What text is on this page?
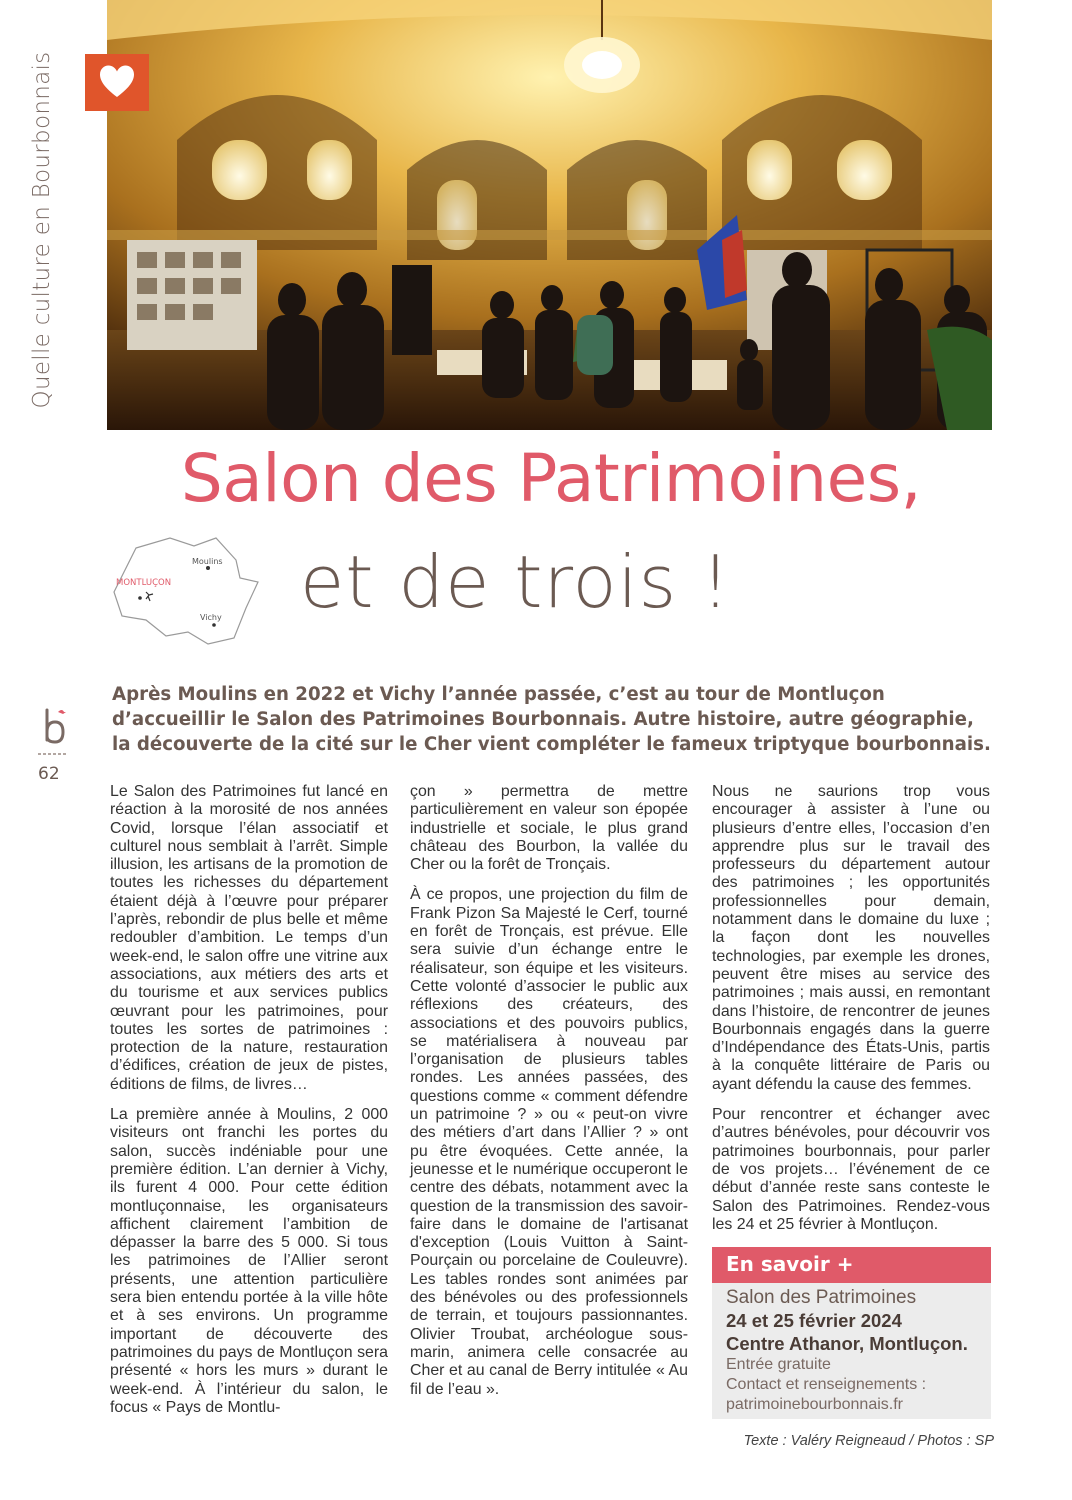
Quelle culture en Bourbonnais
Salon des Patrimoines,
et de trois !
Moulins
MONTLUÇON
Vichy
62

Après Moulins en 2022 et Vichy l’année passée, c’est au tour de Montluçon d’accueillir le Salon des Patrimoines Bourbonnais. Autre histoire, autre géographie, la découverte de la cité sur le Cher vient compléter le fameux triptyque bourbonnais.

Le Salon des Patrimoines fut lancé en réaction à la morosité de nos années Covid, lorsque l’élan associatif et culturel nous semblait à l’arrêt. Simple illusion, les artisans de la promotion de toutes les richesses du département étaient déjà à l’œuvre pour préparer l’après, rebondir de plus belle et même redoubler d’ambition. Le temps d’un week-end, le salon offre une vitrine aux associations, aux métiers des arts et du tourisme et aux services publics œuvrant pour les patrimoines, pour toutes les sortes de patrimoines : protection de la nature, restauration d’édifices, création de jeux de pistes, éditions de films, de livres…

La première année à Moulins, 2 000 visiteurs ont franchi les portes du salon, succès indéniable pour une première édition. L’an dernier à Vichy, ils furent 4 000. Pour cette édition montluçonnaise, les organisateurs affichent clairement l’ambition de dépasser la barre des 5 000. Si tous les patrimoines de l’Allier seront présents, une attention particulière sera bien entendu portée à la ville hôte et à ses environs. Un programme important de découverte des patrimoines du pays de Montluçon sera présenté « hors les murs » durant le week-end. À l’intérieur du salon, le focus « Pays de Montlu-

çon » permettra de mettre particulièrement en valeur son épopée industrielle et sociale, le plus grand château des Bourbon, la vallée du Cher ou la forêt de Tronçais.

À ce propos, une projection du film de Frank Pizon Sa Majesté le Cerf, tourné en forêt de Tronçais, est prévue. Elle sera suivie d’un échange entre le réalisateur, son équipe et les visiteurs. Cette volonté d’associer le public aux réflexions des créateurs, des associations et des pouvoirs publics, se matérialisera à nouveau par l’organisation de plusieurs tables rondes. Les années passées, des questions comme « comment défendre un patrimoine ? » ou « peut-on vivre des métiers d’art dans l’Allier ? » ont pu être évoquées. Cette année, la jeunesse et le numérique occuperont le centre des débats, notamment avec la question de la transmission des savoir-faire dans le domaine de l'artisanat d'exception (Louis Vuitton à Saint-Pourçain ou porcelaine de Couleuvre). Les tables rondes sont animées par des bénévoles ou des professionnels de terrain, et toujours passionnantes. Olivier Troubat, archéologue sous-marin, animera celle consacrée au Cher et au canal de Berry intitulée « Au fil de l’eau ».

Nous ne saurions trop vous encourager à assister à l’une ou plusieurs d’entre elles, l’occasion d’en apprendre plus sur le travail des professeurs du département autour des patrimoines ; les opportunités professionnelles pour demain, notamment dans le domaine du luxe ; la façon dont les nouvelles technologies, par exemple les drones, peuvent être mises au service des patrimoines ; mais aussi, en remontant dans l’histoire, de rencontrer de jeunes Bourbonnais engagés dans la guerre d’Indépendance des États-Unis, partis à la conquête littéraire de Paris ou ayant défendu la cause des femmes.

Pour rencontrer et échanger avec d’autres bénévoles, pour découvrir vos patrimoines bourbonnais, pour parler de vos projets… l’événement de ce début d’année reste sans conteste le Salon des Patrimoines. Rendez-vous les 24 et 25 février à Montluçon.

En savoir +
Salon des Patrimoines
24 et 25 février 2024
Centre Athanor, Montluçon.
Entrée gratuite
Contact et renseignements :
patrimoinebourbonnais.fr
Texte : Valéry Reigneaud / Photos : SP
